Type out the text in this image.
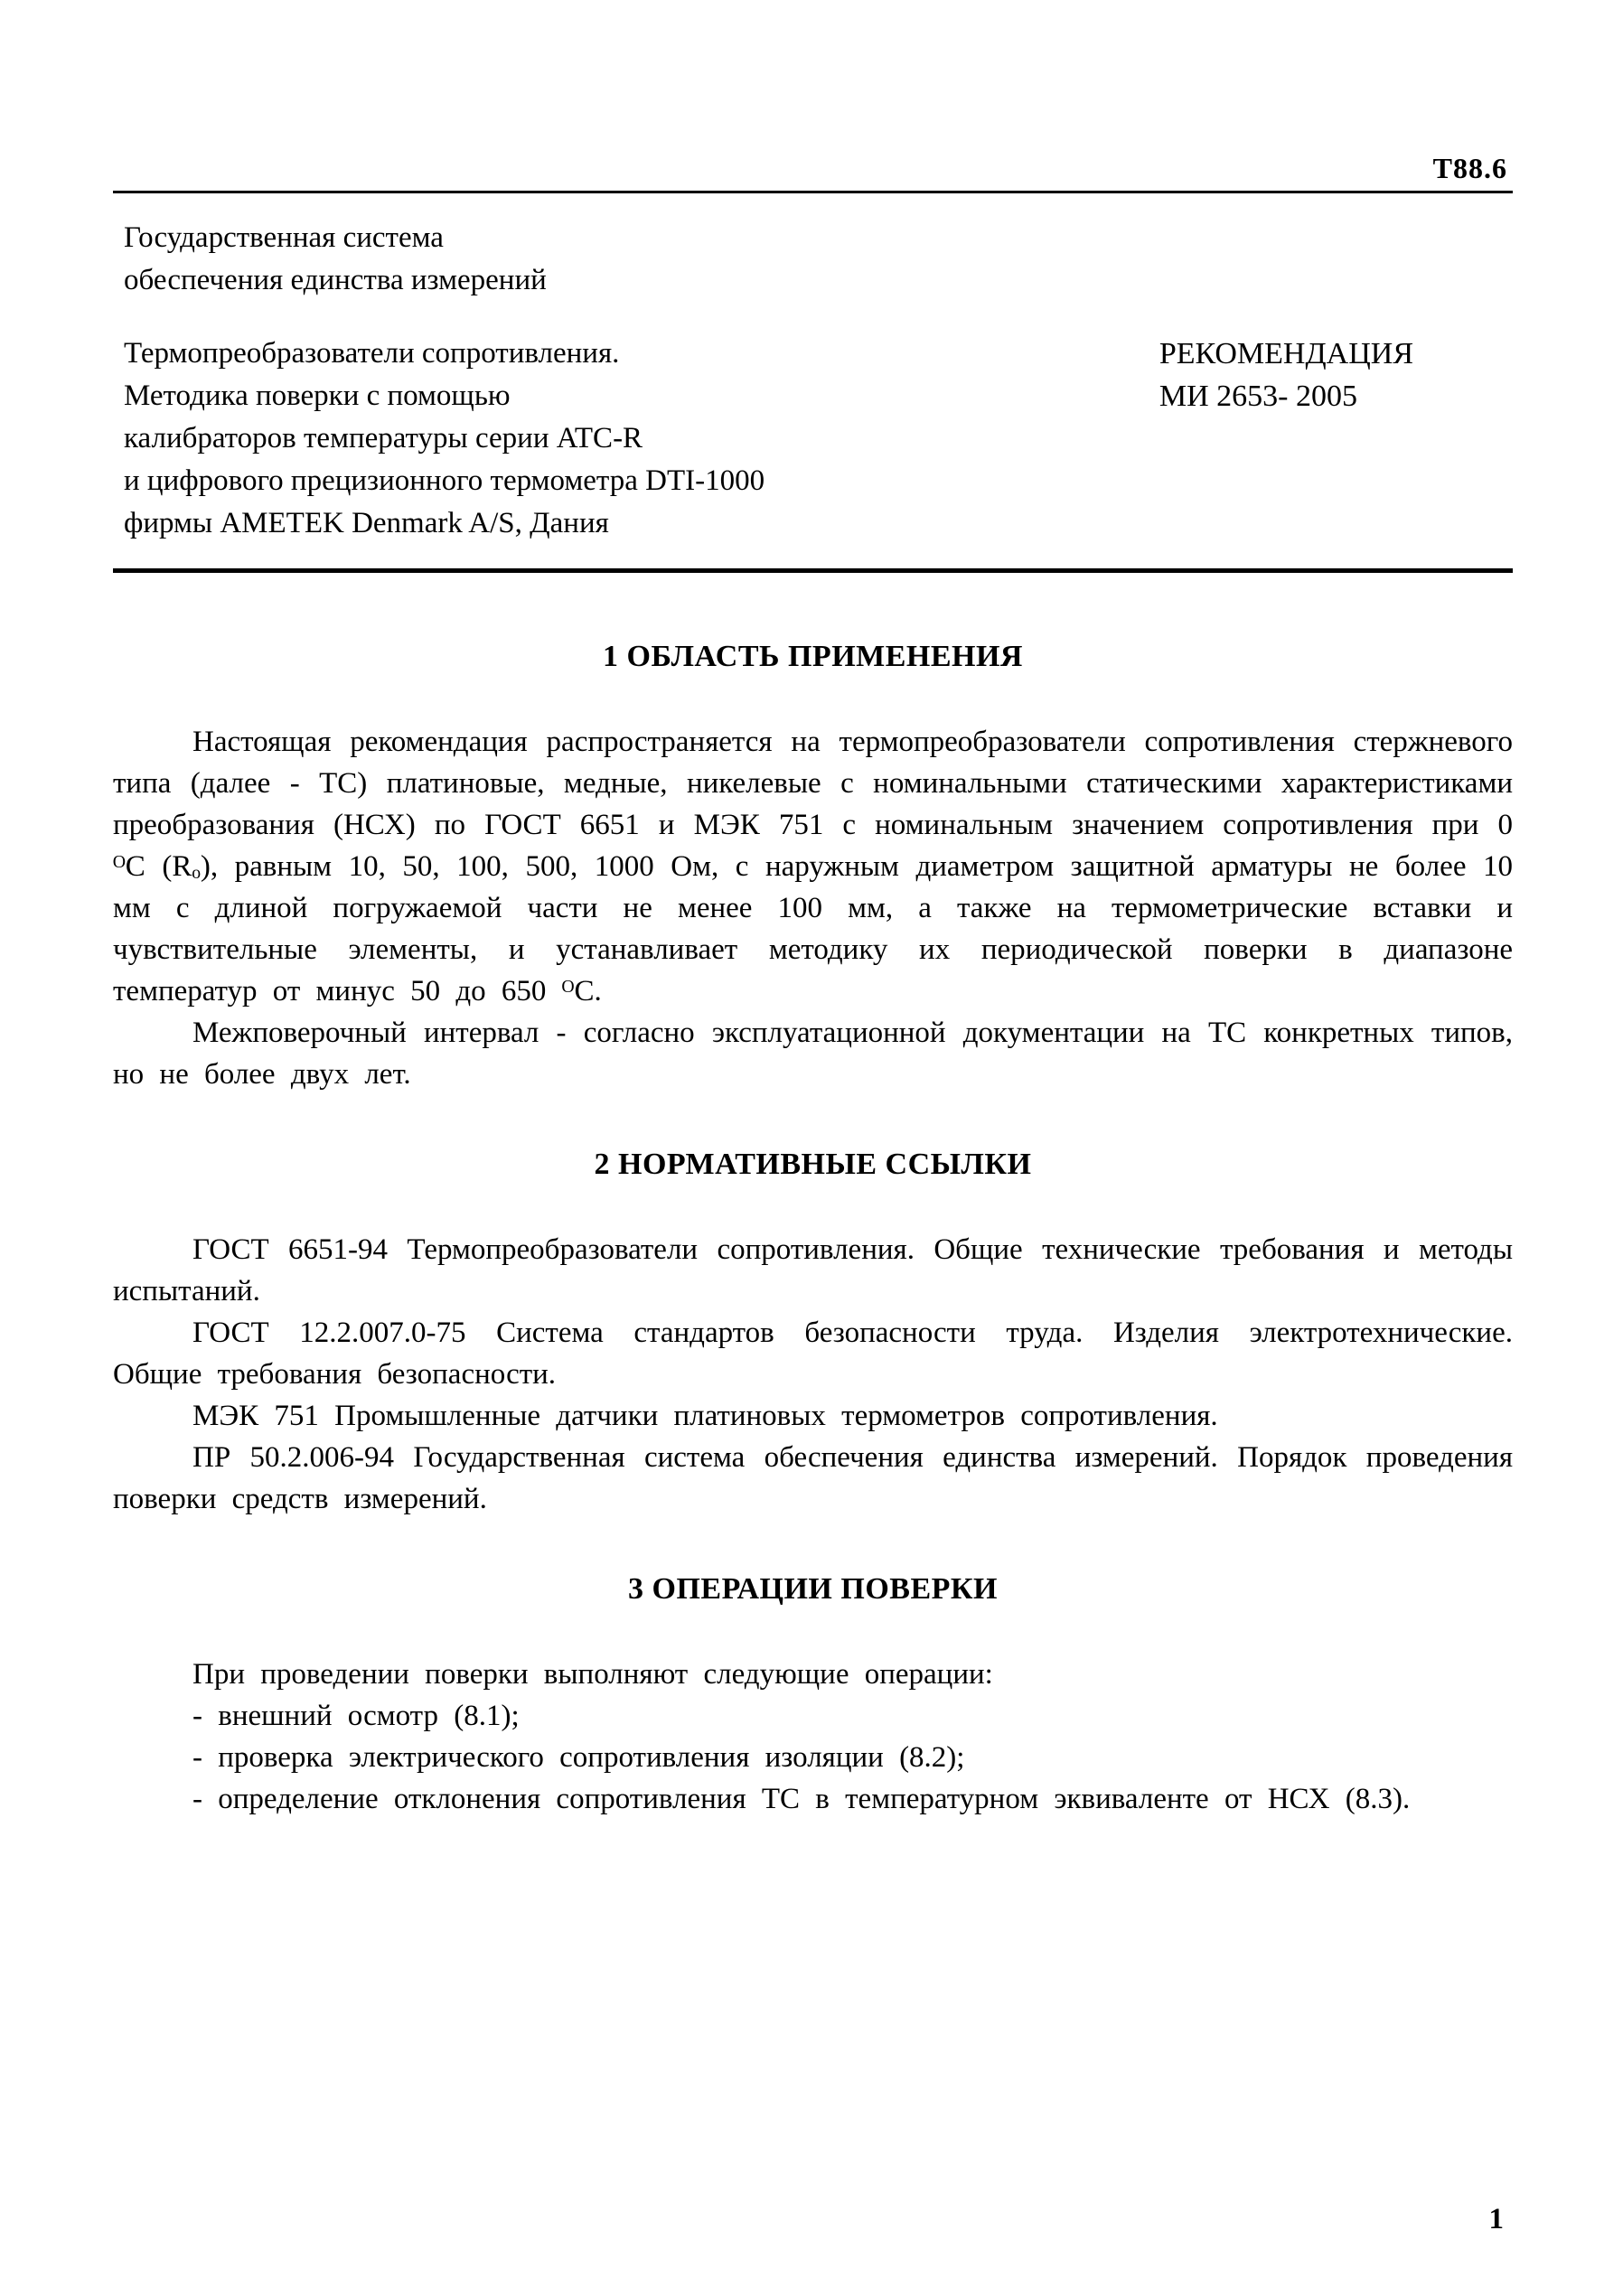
Т88.6
Государственная система
обеспечения единства измерений
Термопреобразователи сопротивления.
Методика поверки с помощью
калибраторов температуры серии ATC-R
и цифрового прецизионного термометра DTI-1000
фирмы AMETEK Denmark A/S, Дания
РЕКОМЕНДАЦИЯ
МИ 2653- 2005
1 ОБЛАСТЬ ПРИМЕНЕНИЯ

Настоящая рекомендация распространяется на термопреобразователи сопротивления стержневого типа (далее - ТС) платиновые, медные, никелевые с номинальными статическими характеристиками преобразования (НСХ) по ГОСТ 6651 и МЭК 751 с номинальным значением сопротивления при 0 ᴼС (Rₒ), равным 10, 50, 100, 500, 1000 Ом, с наружным диаметром защитной арматуры не более 10 мм с длиной погружаемой части не менее 100 мм, а также на термометрические вставки и чувствительные элементы, и устанавливает методику их периодической поверки в диапазоне температур от минус 50 до 650 ᴼС.

Межповерочный интервал - согласно эксплуатационной документации на ТС конкретных типов, но не более двух лет.

2 НОРМАТИВНЫЕ ССЫЛКИ

ГОСТ 6651-94 Термопреобразователи сопротивления. Общие технические требования и методы испытаний.

ГОСТ 12.2.007.0-75 Система стандартов безопасности труда. Изделия электротехнические. Общие требования безопасности.

МЭК 751 Промышленные датчики платиновых термометров сопротивления.

ПР 50.2.006-94 Государственная система обеспечения единства измерений. Порядок проведения поверки средств измерений.

3 ОПЕРАЦИИ ПОВЕРКИ

При проведении поверки выполняют следующие операции:

- внешний осмотр (8.1);

- проверка электрического сопротивления изоляции (8.2);

- определение отклонения сопротивления ТС в температурном эквиваленте от НСХ (8.3).

1
